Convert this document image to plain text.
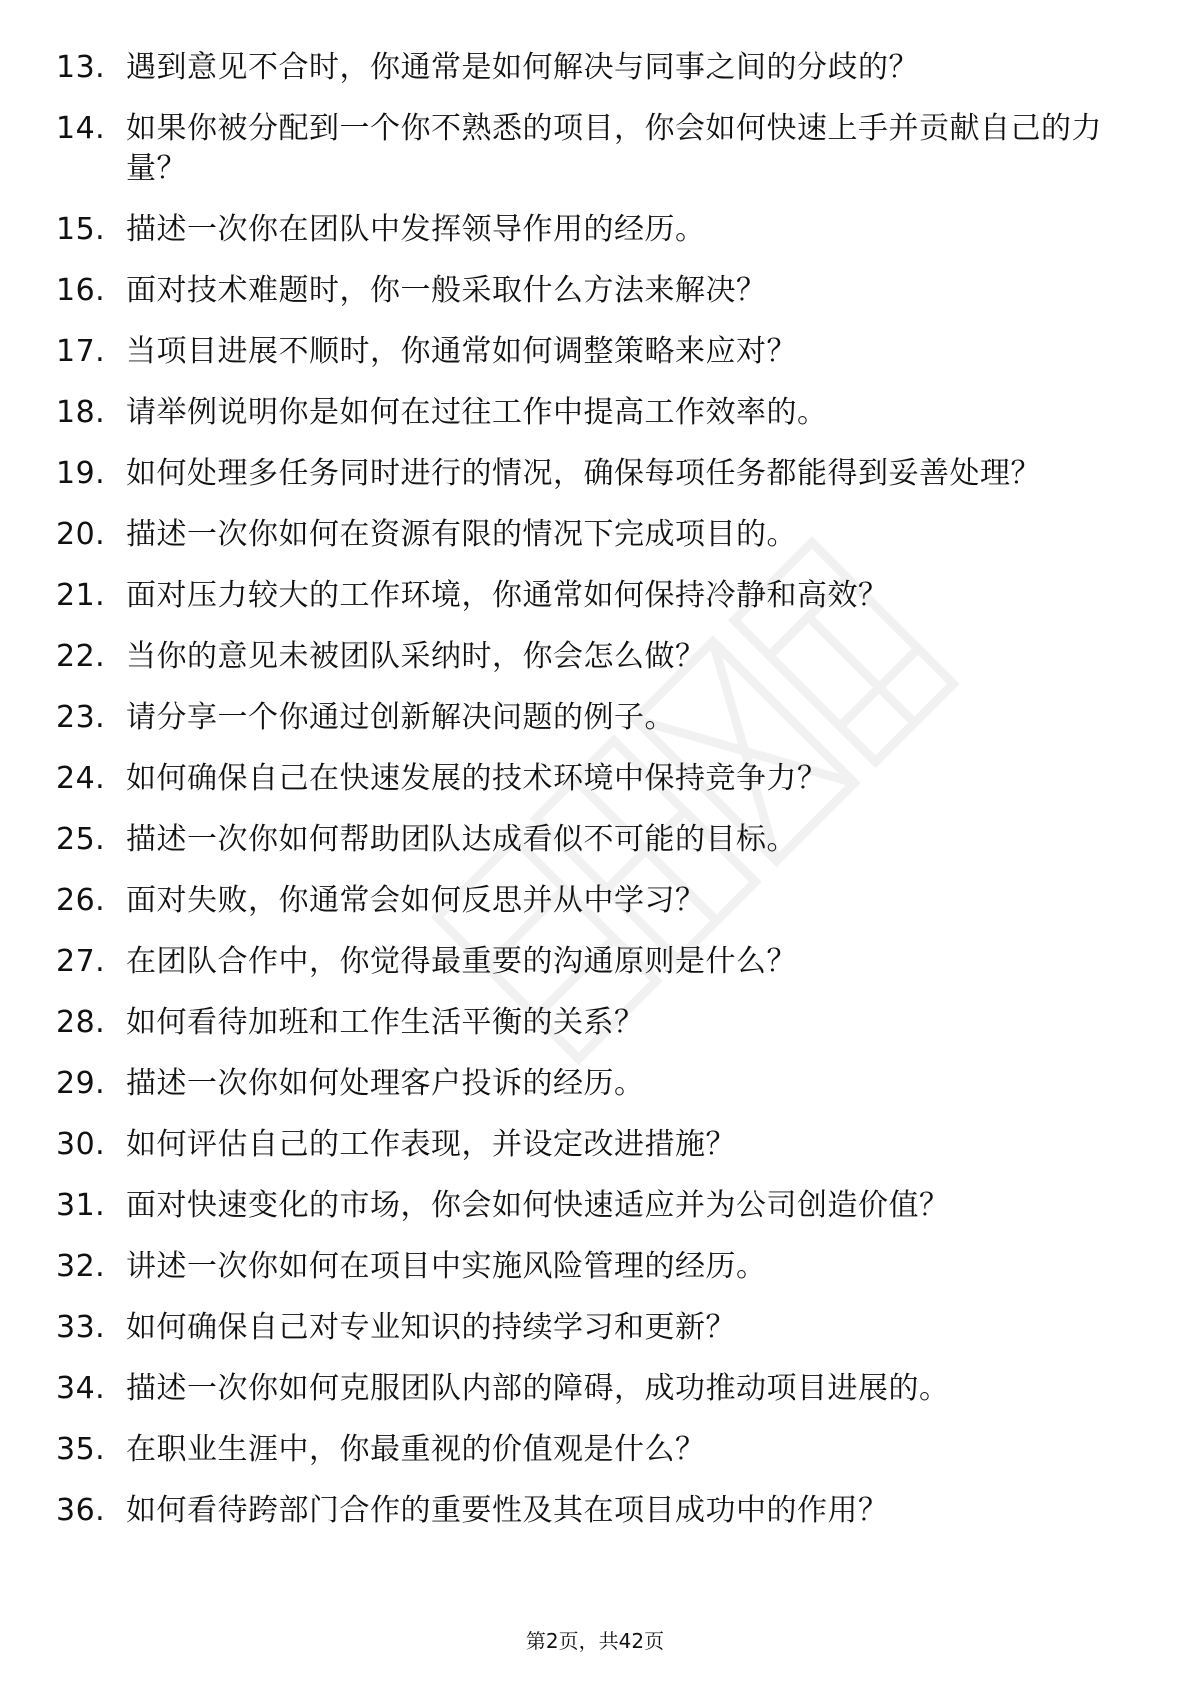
13. 遇到意见不合时，你通常是如何解决与同事之间的分歧的？
14. 如果你被分配到一个你不熟悉的项目，你会如何快速上手并贡献自己的力量？
15. 描述一次你在团队中发挥领导作用的经历。
16. 面对技术难题时，你一般采取什么方法来解决？
17. 当项目进展不顺时，你通常如何调整策略来应对？
18. 请举例说明你是如何在过往工作中提高工作效率的。
19. 如何处理多任务同时进行的情况，确保每项任务都能得到妥善处理？
20. 描述一次你如何在资源有限的情况下完成项目的。
21. 面对压力较大的工作环境，你通常如何保持冷静和高效？
22. 当你的意见未被团队采纳时，你会怎么做？
23. 请分享一个你通过创新解决问题的例子。
24. 如何确保自己在快速发展的技术环境中保持竞争力？
25. 描述一次你如何帮助团队达成看似不可能的目标。
26. 面对失败，你通常会如何反思并从中学习？
27. 在团队合作中，你觉得最重要的沟通原则是什么？
28. 如何看待加班和工作生活平衡的关系？
29. 描述一次你如何处理客户投诉的经历。
30. 如何评估自己的工作表现，并设定改进措施？
31. 面对快速变化的市场，你会如何快速适应并为公司创造价值？
32. 讲述一次你如何在项目中实施风险管理的经历。
33. 如何确保自己对专业知识的持续学习和更新？
34. 描述一次你如何克服团队内部的障碍，成功推动项目进展的。
35. 在职业生涯中，你最重视的价值观是什么？
36. 如何看待跨部门合作的重要性及其在项目成功中的作用？
第2页，共42页
